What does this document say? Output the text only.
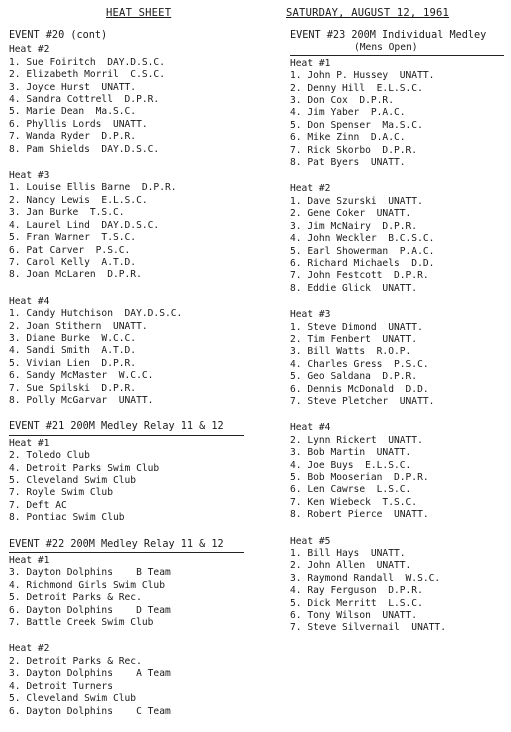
HEAT SHEET	SATURDAY, AUGUST 12, 1961
EVENT #20 (cont)
Heat #2
1. Sue Foiritch  DAY.D.S.C.
2. Elizabeth Morril  C.S.C.
3. Joyce Hurst  UNATT.
4. Sandra Cottrell  D.P.R.
5. Marie Dean  Ma.S.C.
6. Phyllis Lords  UNATT.
7. Wanda Ryder  D.P.R.
8. Pam Shields  DAY.D.S.C.
Heat #3
1. Louise Ellis Barne  D.P.R.
2. Nancy Lewis  E.L.S.C.
3. Jan Burke  T.S.C.
4. Laurel Lind  DAY.D.S.C.
5. Fran Warner  T.S.C.
6. Pat Carver  P.S.C.
7. Carol Kelly  A.T.D.
8. Joan McLaren  D.P.R.
Heat #4
1. Candy Hutchison  DAY.D.S.C.
2. Joan Stithern  UNATT.
3. Diane Burke  W.C.C.
4. Sandi Smith  A.T.D.
5. Vivian Lien  D.P.R.
6. Sandy McMaster  W.C.C.
7. Sue Spilski  D.P.R.
8. Polly McGarvar  UNATT.
EVENT #21 200M Medley Relay 11 & 12
Heat #1
2. Toledo Club
4. Detroit Parks Swim Club
5. Cleveland Swim Club
7. Royle Swim Club
7. Deft AC
8. Pontiac Swim Club
EVENT #22 200M Medley Relay 11 & 12
Heat #1
3. Dayton Dolphins    B Team
4. Richmond Girls Swim Club
5. Detroit Parks & Rec.
6. Dayton Dolphins    D Team
7. Battle Creek Swim Club
Heat #2
2. Detroit Parks & Rec.
3. Dayton Dolphins    A Team
4. Detroit Turners
5. Cleveland Swim Club
6. Dayton Dolphins    C Team
EVENT #23 200M Individual Medley
(Mens Open)
Heat #1
1. John P. Hussey  UNATT.
2. Denny Hill  E.L.S.C.
3. Don Cox  D.P.R.
4. Jim Yaber  P.A.C.
5. Don Spenser  Ma.S.C.
6. Mike Zinn  D.A.C.
7. Rick Skorbo  D.P.R.
8. Pat Byers  UNATT.
Heat #2
1. Dave Szurski  UNATT.
2. Gene Coker  UNATT.
3. Jim McNairy  D.P.R.
4. John Weckler  B.C.S.C.
5. Earl Showerman  P.A.C.
6. Richard Michaels  D.D.
7. John Festcott  D.P.R.
8. Eddie Glick  UNATT.
Heat #3
1. Steve Dimond  UNATT.
2. Tim Fenbert  UNATT.
3. Bill Watts  R.O.P.
4. Charles Gress  P.S.C.
5. Geo Saldana  D.P.R.
6. Dennis McDonald  D.D.
7. Steve Pletcher  UNATT.
Heat #4
2. Lynn Rickert  UNATT.
3. Bob Martin  UNATT.
4. Joe Buys  E.L.S.C.
5. Bob Mooserian  D.P.R.
6. Len Cawrse  L.S.C.
7. Ken Wiebeck  T.S.C.
8. Robert Pierce  UNATT.
Heat #5
1. Bill Hays  UNATT.
2. John Allen  UNATT.
3. Raymond Randall  W.S.C.
4. Ray Ferguson  D.P.R.
5. Dick Merritt  L.S.C.
6. Tony Wilson  UNATT.
7. Steve Silvernail  UNATT.
